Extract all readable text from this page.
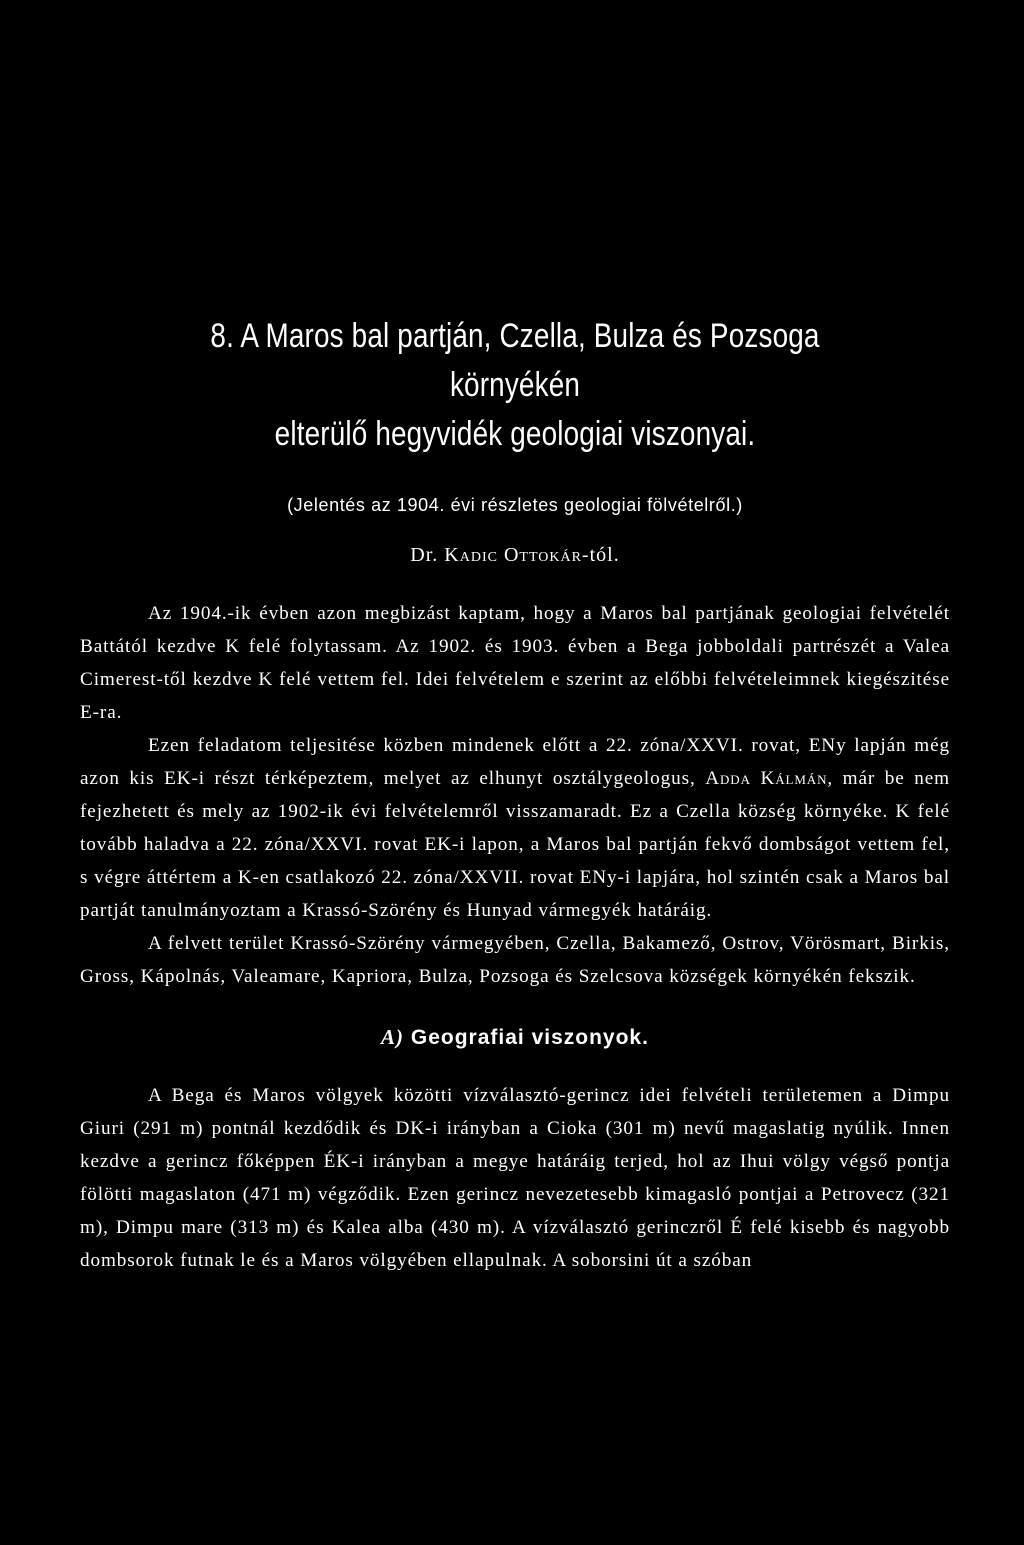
8. A Maros bal partján, Czella, Bulza és Pozsoga környékén
elterülő hegyvidék geologiai viszonyai.

(Jelentés az 1904. évi részletes geologiai fölvételről.)

Dr. Kadic Ottokár-tól.

Az 1904.-ik évben azon megbizást kaptam, hogy a Maros bal partjának geologiai felvételét Battától kezdve K felé folytassam. Az 1902. és 1903. évben a Bega jobboldali partrészét a Valea Cimerest-től kezdve K felé vettem fel. Idei felvételem e szerint az előbbi felvételeimnek kiegészitése E-ra.

Ezen feladatom teljesitése közben mindenek előtt a 22. zóna/XXVI. rovat, ENy lapján még azon kis EK-i részt térképeztem, melyet az elhunyt osztálygeologus, Adda Kálmán, már be nem fejezhetett és mely az 1902-ik évi felvételemről visszamaradt. Ez a Czella község környéke. K felé tovább haladva a 22. zóna/XXVI. rovat EK-i lapon, a Maros bal partján fekvő dombságot vettem fel, s végre áttértem a K-en csatlakozó 22. zóna/XXVII. rovat ENy-i lapjára, hol szintén csak a Maros bal partját tanulmányoztam a Krassó-Szörény és Hunyad vármegyék határáig.

A felvett terület Krassó-Szörény vármegyében, Czella, Bakamező, Ostrov, Vörösmart, Birkis, Gross, Kápolnás, Valeamare, Kapriora, Bulza, Pozsoga és Szelcsova községek környékén fekszik.

A) Geografiai viszonyok.

A Bega és Maros völgyek közötti vízválasztó-gerincz idei felvételi területemen a Dimpu Giuri (291 m) pontnál kezdődik és DK-i irányban a Cioka (301 m) nevű magaslatig nyúlik. Innen kezdve a gerincz főképpen ÉK-i irányban a megye határáig terjed, hol az Ihui völgy végső pontja fölötti magaslaton (471 m) végződik. Ezen gerincz nevezetesebb kimagasló pontjai a Petrovecz (321 m), Dimpu mare (313 m) és Kalea alba (430 m). A vízválasztó gerinczről É felé kisebb és nagyobb dombsorok futnak le és a Maros völgyében ellapulnak. A soborsini út a szóban
